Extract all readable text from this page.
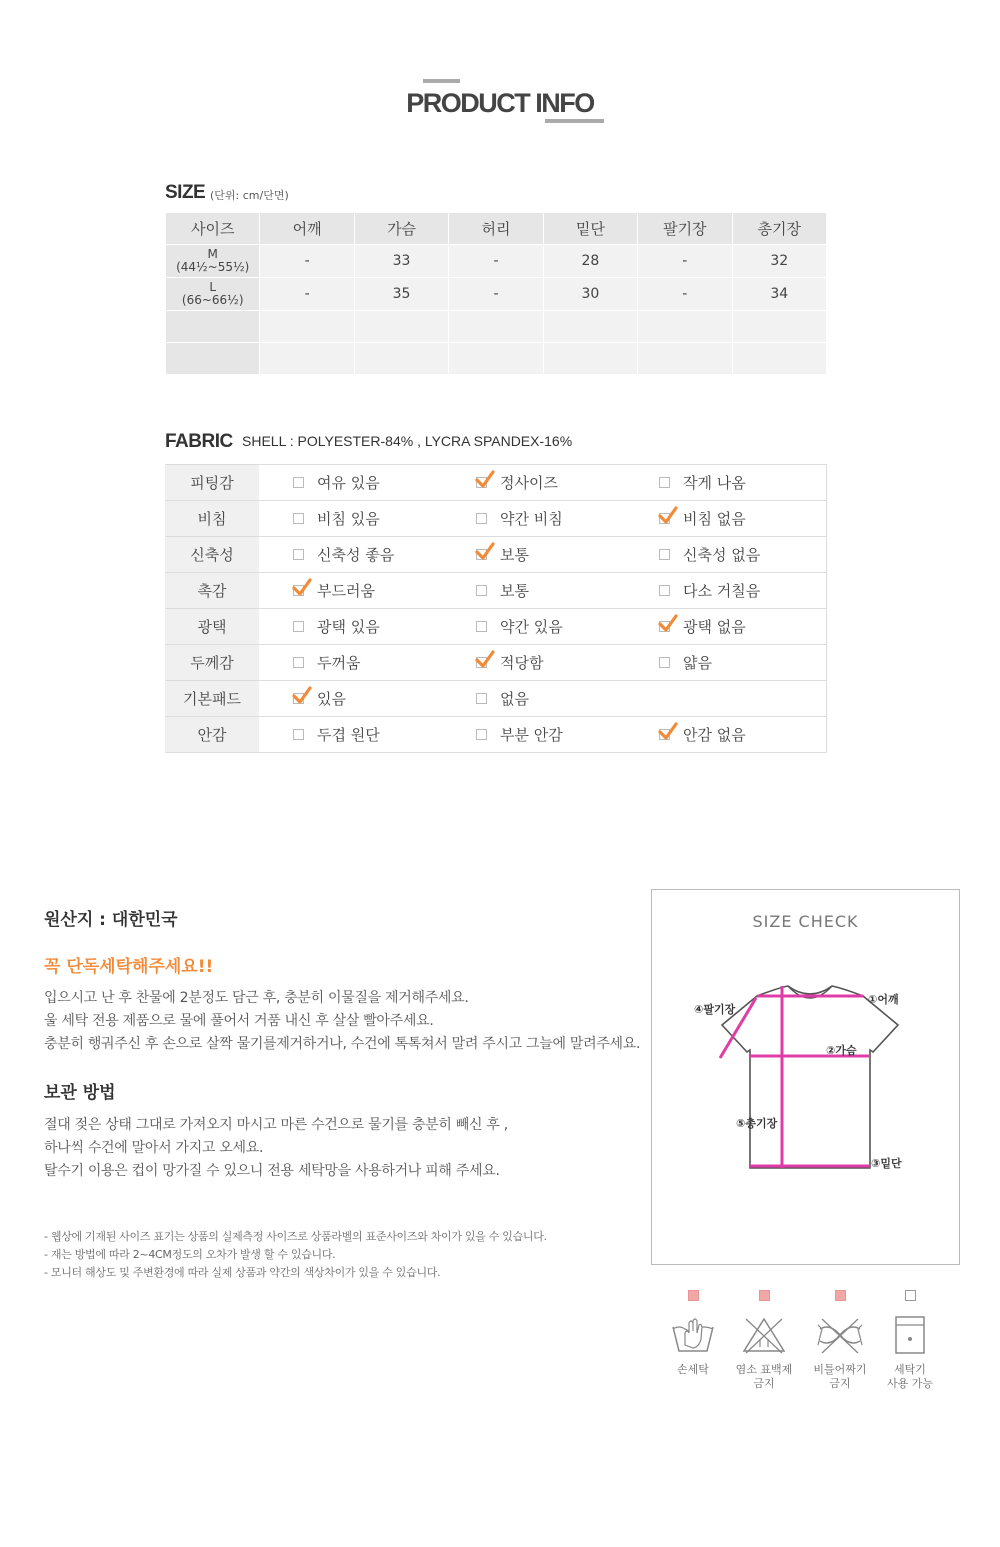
PRODUCT INFO
SIZE (단위: cm/단면)
사이즈	어깨	가슴	허리	밑단	팔기장	총기장

M
(44½~55½)	-	33	-	28	-	32

L
(66~66½)	-	35	-	30	-	34

FABRIC SHELL : POLYESTER-84% , LYCRA SPANDEX-16%
피팅감	여유 있음	정사이즈	작게 나옴
비침	비침 있음	약간 비침	비침 없음
신축성	신축성 좋음	보통	신축성 없음
촉감	부드러움	보통	다소 거칠음
광택	광택 있음	약간 있음	광택 없음
두께감	두꺼움	적당함	얇음
기본패드	있음	없음	
안감	두겹 원단	부분 안감	안감 없음
원산지 : 대한민국
꼭 단독세탁해주세요!!
입으시고 난 후 찬물에 2분정도 담근 후, 충분히 이물질을 제거해주세요.
울 세탁 전용 제품으로 물에 풀어서 거품 내신 후 살살 빨아주세요.
충분히 행궈주신 후 손으로 살짝 물기를제거하거나, 수건에 톡톡쳐서 말려 주시고 그늘에 말려주세요.
보관 방법
절대 젖은 상태 그대로 가져오지 마시고 마른 수건으로 물기를 충분히 빼신 후 ,
하나씩 수건에 말아서 가지고 오세요.
탈수기 이용은 컵이 망가질 수 있으니 전용 세탁망을 사용하거나 피해 주세요.
- 웹상에 기재된 사이즈 표기는 상품의 실제측정 사이즈로 상품라벨의 표준사이즈와 차이가 있을 수 있습니다.
- 재는 방법에 따라 2~4CM정도의 오차가 발생 할 수 있습니다.
- 모니터 해상도 및 주변환경에 따라 실제 상품과 약간의 색상차이가 있을 수 있습니다.
SIZE CHECK
①어깨
②가슴
③밑단
④팔기장
⑤총기장
손세탁	염소 표백제
금지
비틀어짜기
금지
세탁기
사용 가능
